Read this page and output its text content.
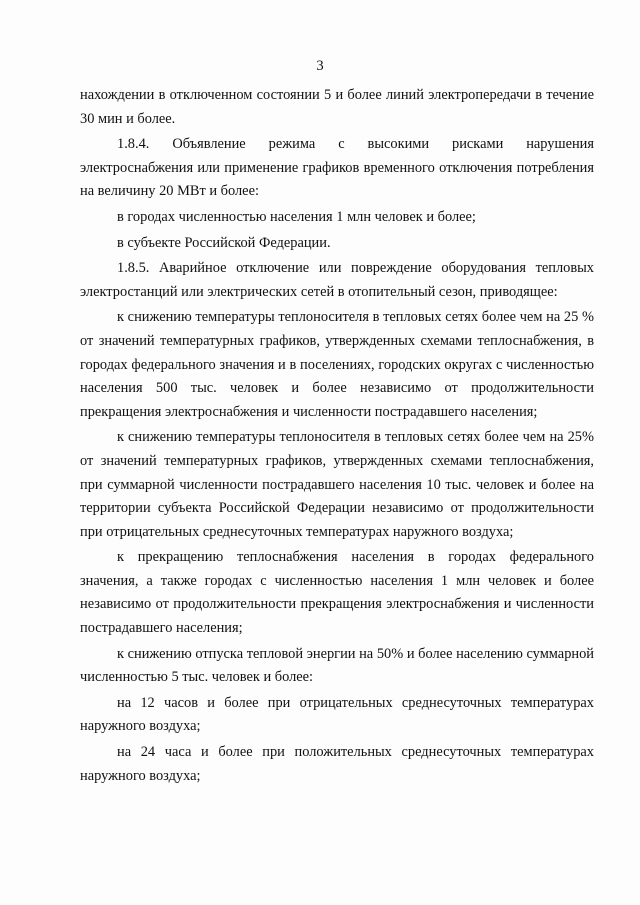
3

нахождении в отключенном состоянии 5 и более линий электропередачи в течение 30 мин и более.

1.8.4. Объявление режима с высокими рисками нарушения электроснабжения или применение графиков временного отключения потребления на величину 20 МВт и более:

в городах численностью населения 1 млн человек и более;

в субъекте Российской Федерации.

1.8.5. Аварийное отключение или повреждение оборудования тепловых электростанций или электрических сетей в отопительный сезон, приводящее:

к снижению температуры теплоносителя в тепловых сетях более чем на 25 % от значений температурных графиков, утвержденных схемами теплоснабжения, в городах федерального значения и в поселениях, городских округах с численностью населения 500 тыс. человек и более независимо от продолжительности прекращения электроснабжения и численности пострадавшего населения;

к снижению температуры теплоносителя в тепловых сетях более чем на 25% от значений температурных графиков, утвержденных схемами теплоснабжения, при суммарной численности пострадавшего населения 10 тыс. человек и более на территории субъекта Российской Федерации независимо от продолжительности при отрицательных среднесуточных температурах наружного воздуха;

к прекращению теплоснабжения населения в городах федерального значения, а также городах с численностью населения 1 млн человек и более независимо от продолжительности прекращения электроснабжения и численности пострадавшего населения;

к снижению отпуска тепловой энергии на 50% и более населению суммарной численностью 5 тыс. человек и более:

на 12 часов и более при отрицательных среднесуточных температурах наружного воздуха;

на 24 часа и более при положительных среднесуточных температурах наружного воздуха;
